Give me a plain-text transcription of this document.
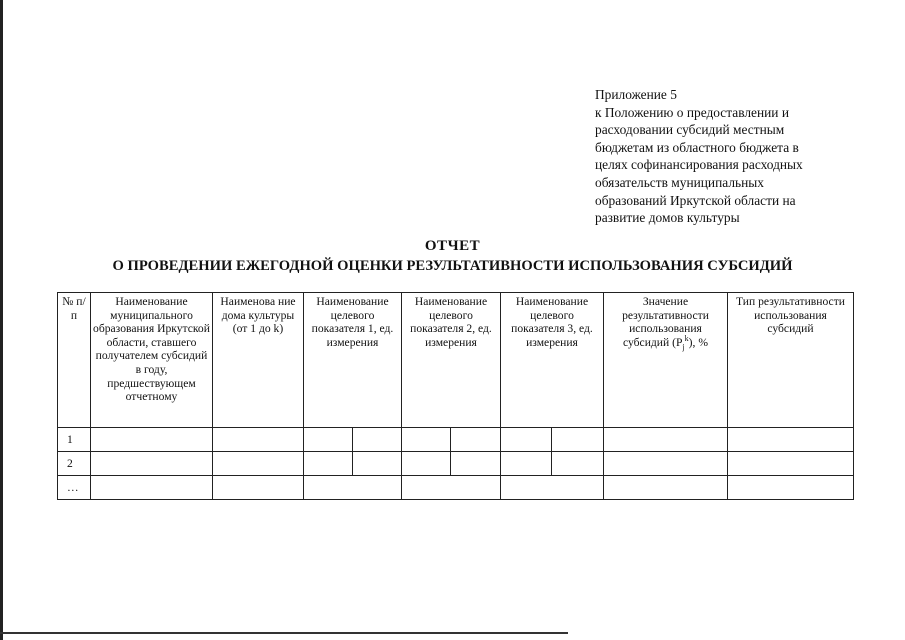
Приложение 5
к Положению о предоставлении и
расходовании субсидий местным
бюджетам из областного бюджета в
целях софинансирования расходных
обязательств муниципальных
образований Иркутской области на
развитие домов культуры
ОТЧЕТ
О ПРОВЕДЕНИИ ЕЖЕГОДНОЙ ОЦЕНКИ РЕЗУЛЬТАТИВНОСТИ ИСПОЛЬЗОВАНИЯ СУБСИДИЙ
№ п/п	Наименование муниципального образования Иркутской области, ставшего получателем субсидий в году, предшествующем отчетному	Наименова ние дома культуры (от 1 до k)	Наименование целевого показателя 1, ед. измерения		Наименование целевого показателя 2, ед. измерения		Наименование целевого показателя 3, ед. измерения		Значение результативности использования субсидий $(P_j^k)$, %	Тип результативности использования субсидий
1										
2										
…										
